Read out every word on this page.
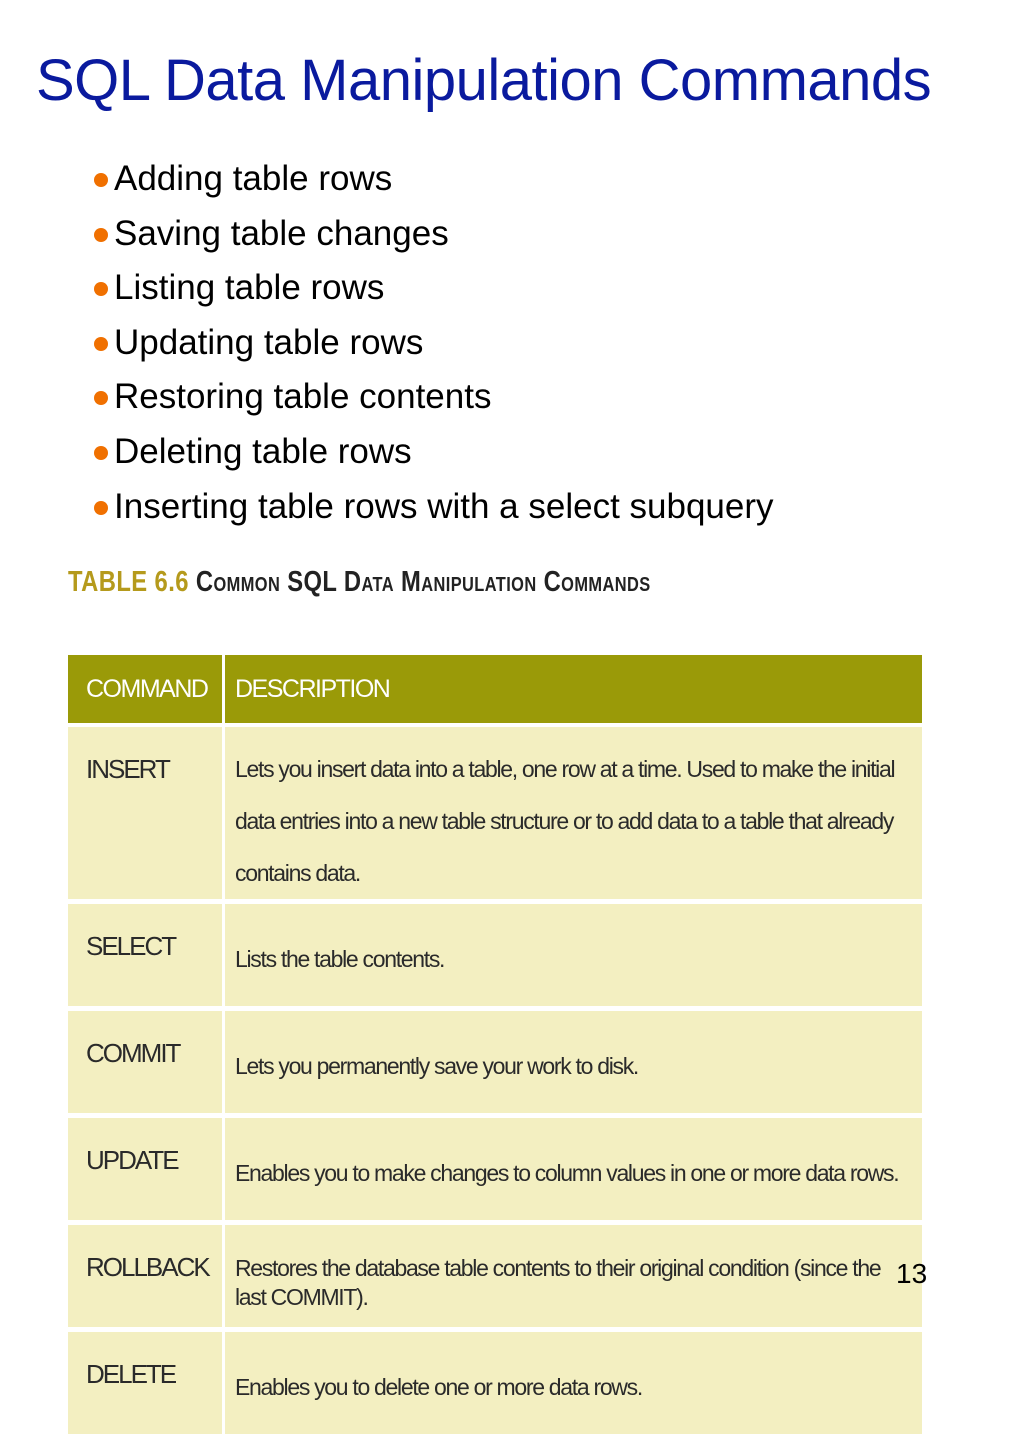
SQL Data Manipulation Commands
Adding table rows
Saving table changes
Listing table rows
Updating table rows
Restoring table contents
Deleting table rows
Inserting table rows with a select subquery
TABLE 6.6 Common SQL Data Manipulation Commands
COMMAND	DESCRIPTION
INSERT	Lets you insert data into a table, one row at a time. Used to make the initial data entries into a new table structure or to add data to a table that already contains data.
SELECT	Lists the table contents.
COMMIT	Lets you permanently save your work to disk.
UPDATE	Enables you to make changes to column values in one or more data rows.
ROLLBACK	Restores the database table contents to their original condition (since the last COMMIT).
DELETE	Enables you to delete one or more data rows.
13
